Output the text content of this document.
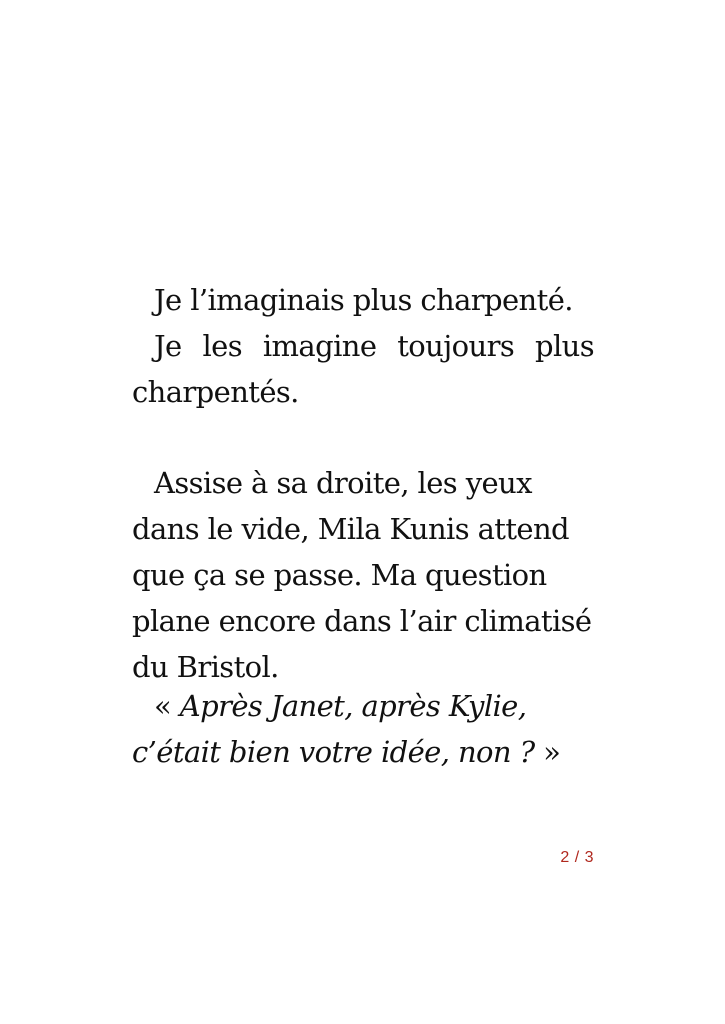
Je l’imaginais plus charpenté.

Je les imagine toujours plus charpentés.

Assise à sa droite, les yeux dans le vide, Mila Kunis attend que ça se passe. Ma question plane encore dans l’air climatisé du Bristol.

« Après Janet, après Kylie, c’était bien votre idée, non ? »

2 / 3
